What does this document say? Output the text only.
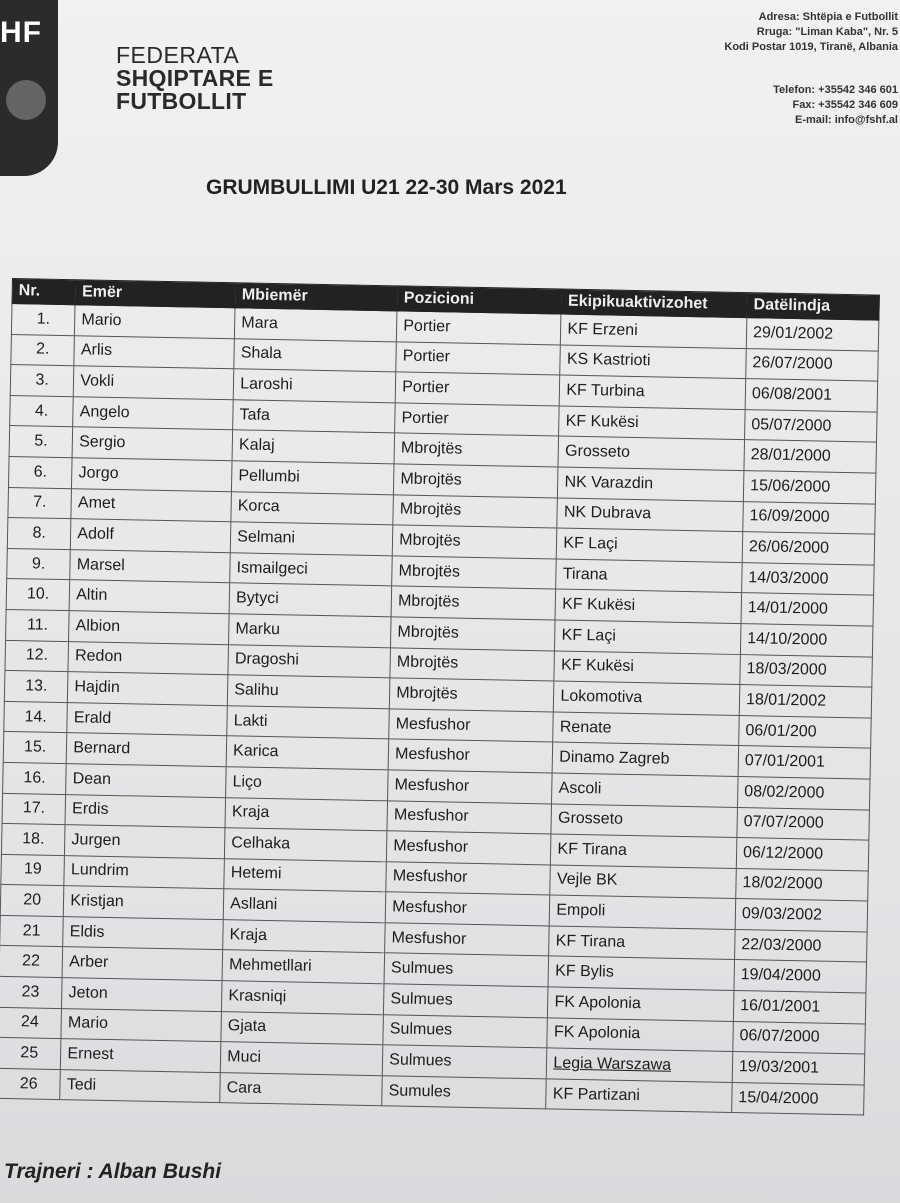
HF
FEDERATA
SHQIPTARE E
FUTBOLLIT
Adresa: Shtëpia e Futbollit
Rruga: "Liman Kaba", Nr. 5
Kodi Postar 1019, Tiranë, Albania
Telefon: +35542 346 601
Fax: +35542 346 609
E-mail: info@fshf.al
GRUMBULLIMI U21 22-30 Mars 2021
Nr.	Emër	Mbiemër	Pozicioni	Ekipikuaktivizohet	Datëlindja
1.	Mario	Mara	Portier	KF Erzeni	29/01/2002
2.	Arlis	Shala	Portier	KS Kastrioti	26/07/2000
3.	Vokli	Laroshi	Portier	KF Turbina	06/08/2001
4.	Angelo	Tafa	Portier	KF Kukësi	05/07/2000
5.	Sergio	Kalaj	Mbrojtës	Grosseto	28/01/2000
6.	Jorgo	Pellumbi	Mbrojtës	NK Varazdin	15/06/2000
7.	Amet	Korca	Mbrojtës	NK Dubrava	16/09/2000
8.	Adolf	Selmani	Mbrojtës	KF Laçi	26/06/2000
9.	Marsel	Ismailgeci	Mbrojtës	Tirana	14/03/2000
10.	Altin	Bytyci	Mbrojtës	KF Kukësi	14/01/2000
11.	Albion	Marku	Mbrojtës	KF Laçi	14/10/2000
12.	Redon	Dragoshi	Mbrojtës	KF Kukësi	18/03/2000
13.	Hajdin	Salihu	Mbrojtës	Lokomotiva	18/01/2002
14.	Erald	Lakti	Mesfushor	Renate	06/01/200
15.	Bernard	Karica	Mesfushor	Dinamo Zagreb	07/01/2001
16.	Dean	Liço	Mesfushor	Ascoli	08/02/2000
17.	Erdis	Kraja	Mesfushor	Grosseto	07/07/2000
18.	Jurgen	Celhaka	Mesfushor	KF Tirana	06/12/2000
19	Lundrim	Hetemi	Mesfushor	Vejle BK	18/02/2000
20	Kristjan	Asllani	Mesfushor	Empoli	09/03/2002
21	Eldis	Kraja	Mesfushor	KF Tirana	22/03/2000
22	Arber	Mehmetllari	Sulmues	KF Bylis	19/04/2000
23	Jeton	Krasniqi	Sulmues	FK Apolonia	16/01/2001
24	Mario	Gjata	Sulmues	FK Apolonia	06/07/2000
25	Ernest	Muci	Sulmues	Legia Warszawa	19/03/2001
26	Tedi	Cara	Sumules	KF Partizani	15/04/2000
Trajneri : Alban Bushi
